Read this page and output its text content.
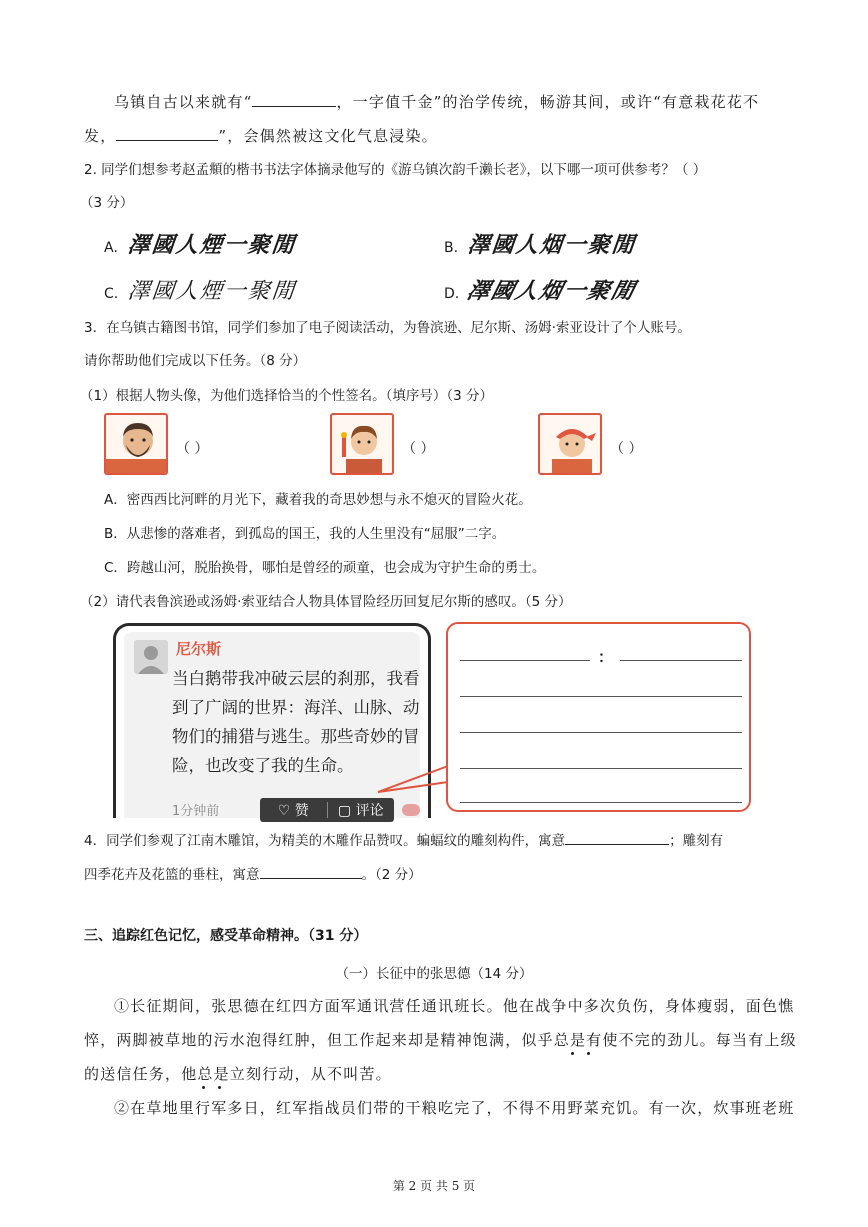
乌镇自古以来就有“	，一字值千金”的治学传统，畅游其间，或许“有意栽花花不
发，	”，会偶然被这文化气息浸染。
2. 同学们想参考赵孟頫的楷书书法字体摘录他写的《游乌镇次韵千濑长老》，以下哪一项可供参考？（ ）
（3 分）
A. 澤國人煙一聚閒	B. 澤國人烟一聚閒
C. 澤國人煙一聚閒	D. 澤國人烟一聚閒
3．在乌镇古籍图书馆，同学们参加了电子阅读活动，为鲁滨逊、尼尔斯、汤姆·索亚设计了个人账号。
请你帮助他们完成以下任务。（8 分）
（1）根据人物头像，为他们选择恰当的个性签名。（填序号）（3 分）
（ ）	（ ）	（ ）
A．密西西比河畔的月光下，藏着我的奇思妙想与永不熄灭的冒险火花。
B．从悲惨的落难者，到孤岛的国王，我的人生里没有“屈服”二字。
C．跨越山河，脱胎换骨，哪怕是曾经的顽童，也会成为守护生命的勇士。
（2）请代表鲁滨逊或汤姆·索亚结合人物具体冒险经历回复尼尔斯的感叹。（5 分）
尼尔斯
当白鹅带我冲破云层的刹那，我看到了广阔的世界：海洋、山脉、动物们的捕猎与逃生。那些奇妙的冒险，也改变了我的生命。
1分钟前	♡ 赞	▢ 评论
：
4．同学们参观了江南木雕馆，为精美的木雕作品赞叹。蝙蝠纹的雕刻构件，寓意	；雕刻有
四季花卉及花篮的垂柱，寓意	。（2 分）
三、追踪红色记忆，感受革命精神。（31 分）
（一）长征中的张思德（14 分）
①长征期间，张思德在红四方面军通讯营任通讯班长。他在战争中多次负伤，身体瘦弱，面色憔
悴，两脚被草地的污水泡得红肿，但工作起来却是精神饱满，似乎总是有使不完的劲儿。每当有上级
的送信任务，他总是立刻行动，从不叫苦。
②在草地里行军多日，红军指战员们带的干粮吃完了，不得不用野菜充饥。有一次，炊事班老班
第 2 页 共 5 页
